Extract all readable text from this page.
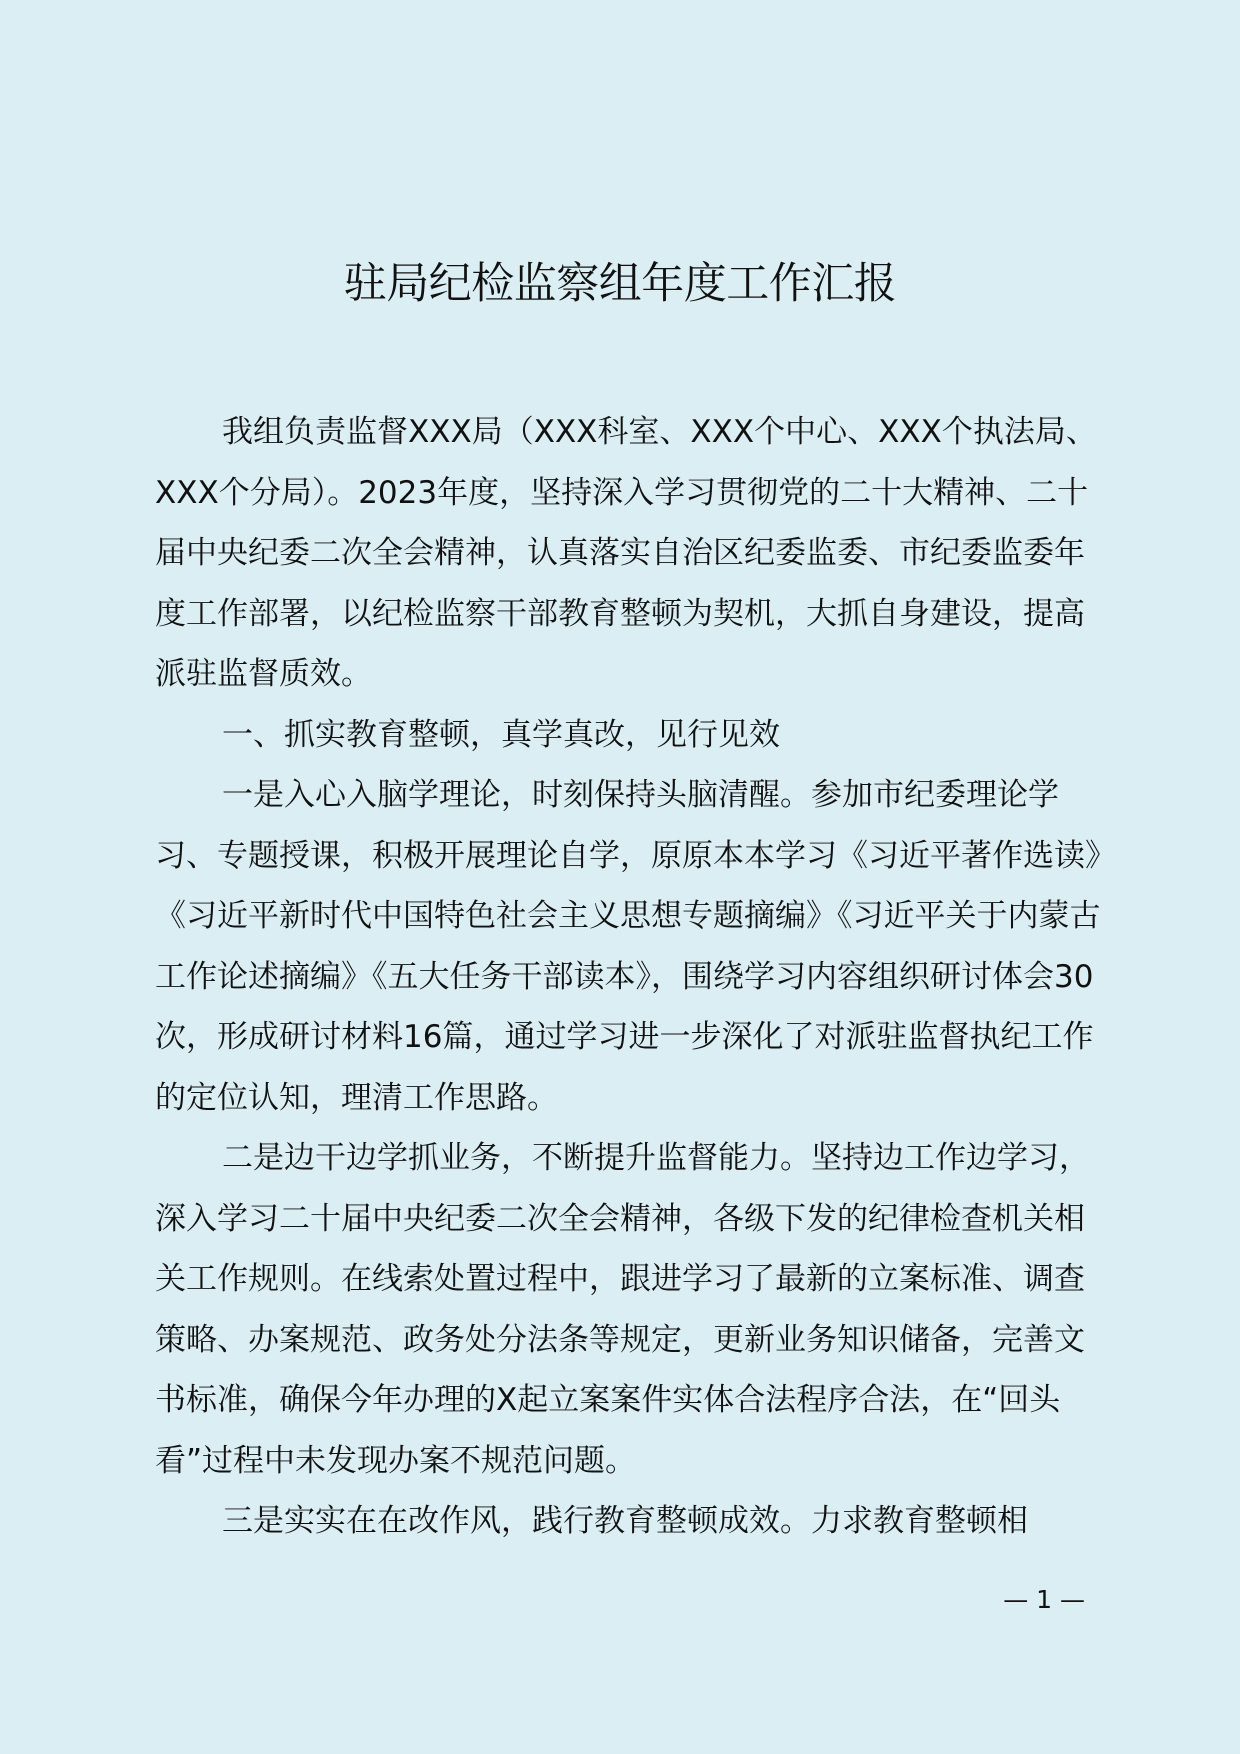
驻局纪检监察组年度工作汇报

我组负责监督XXX局（XXX科室、XXX个中心、XXX个执法局、XXX个分局）。2023年度，坚持深入学习贯彻党的二十大精神、二十届中央纪委二次全会精神，认真落实自治区纪委监委、市纪委监委年度工作部署，以纪检监察干部教育整顿为契机，大抓自身建设，提高派驻监督质效。

一、抓实教育整顿，真学真改，见行见效

一是入心入脑学理论，时刻保持头脑清醒。参加市纪委理论学习、专题授课，积极开展理论自学，原原本本学习《习近平著作选读》《习近平新时代中国特色社会主义思想专题摘编》《习近平关于内蒙古工作论述摘编》《五大任务干部读本》，围绕学习内容组织研讨体会30次，形成研讨材料16篇，通过学习进一步深化了对派驻监督执纪工作的定位认知，理清工作思路。

二是边干边学抓业务，不断提升监督能力。坚持边工作边学习，深入学习二十届中央纪委二次全会精神，各级下发的纪律检查机关相关工作规则。在线索处置过程中，跟进学习了最新的立案标准、调查策略、办案规范、政务处分法条等规定，更新业务知识储备，完善文书标准，确保今年办理的X起立案案件实体合法程序合法，在“回头看”过程中未发现办案不规范问题。

三是实实在在改作风，践行教育整顿成效。力求教育整顿相

— 1 —
